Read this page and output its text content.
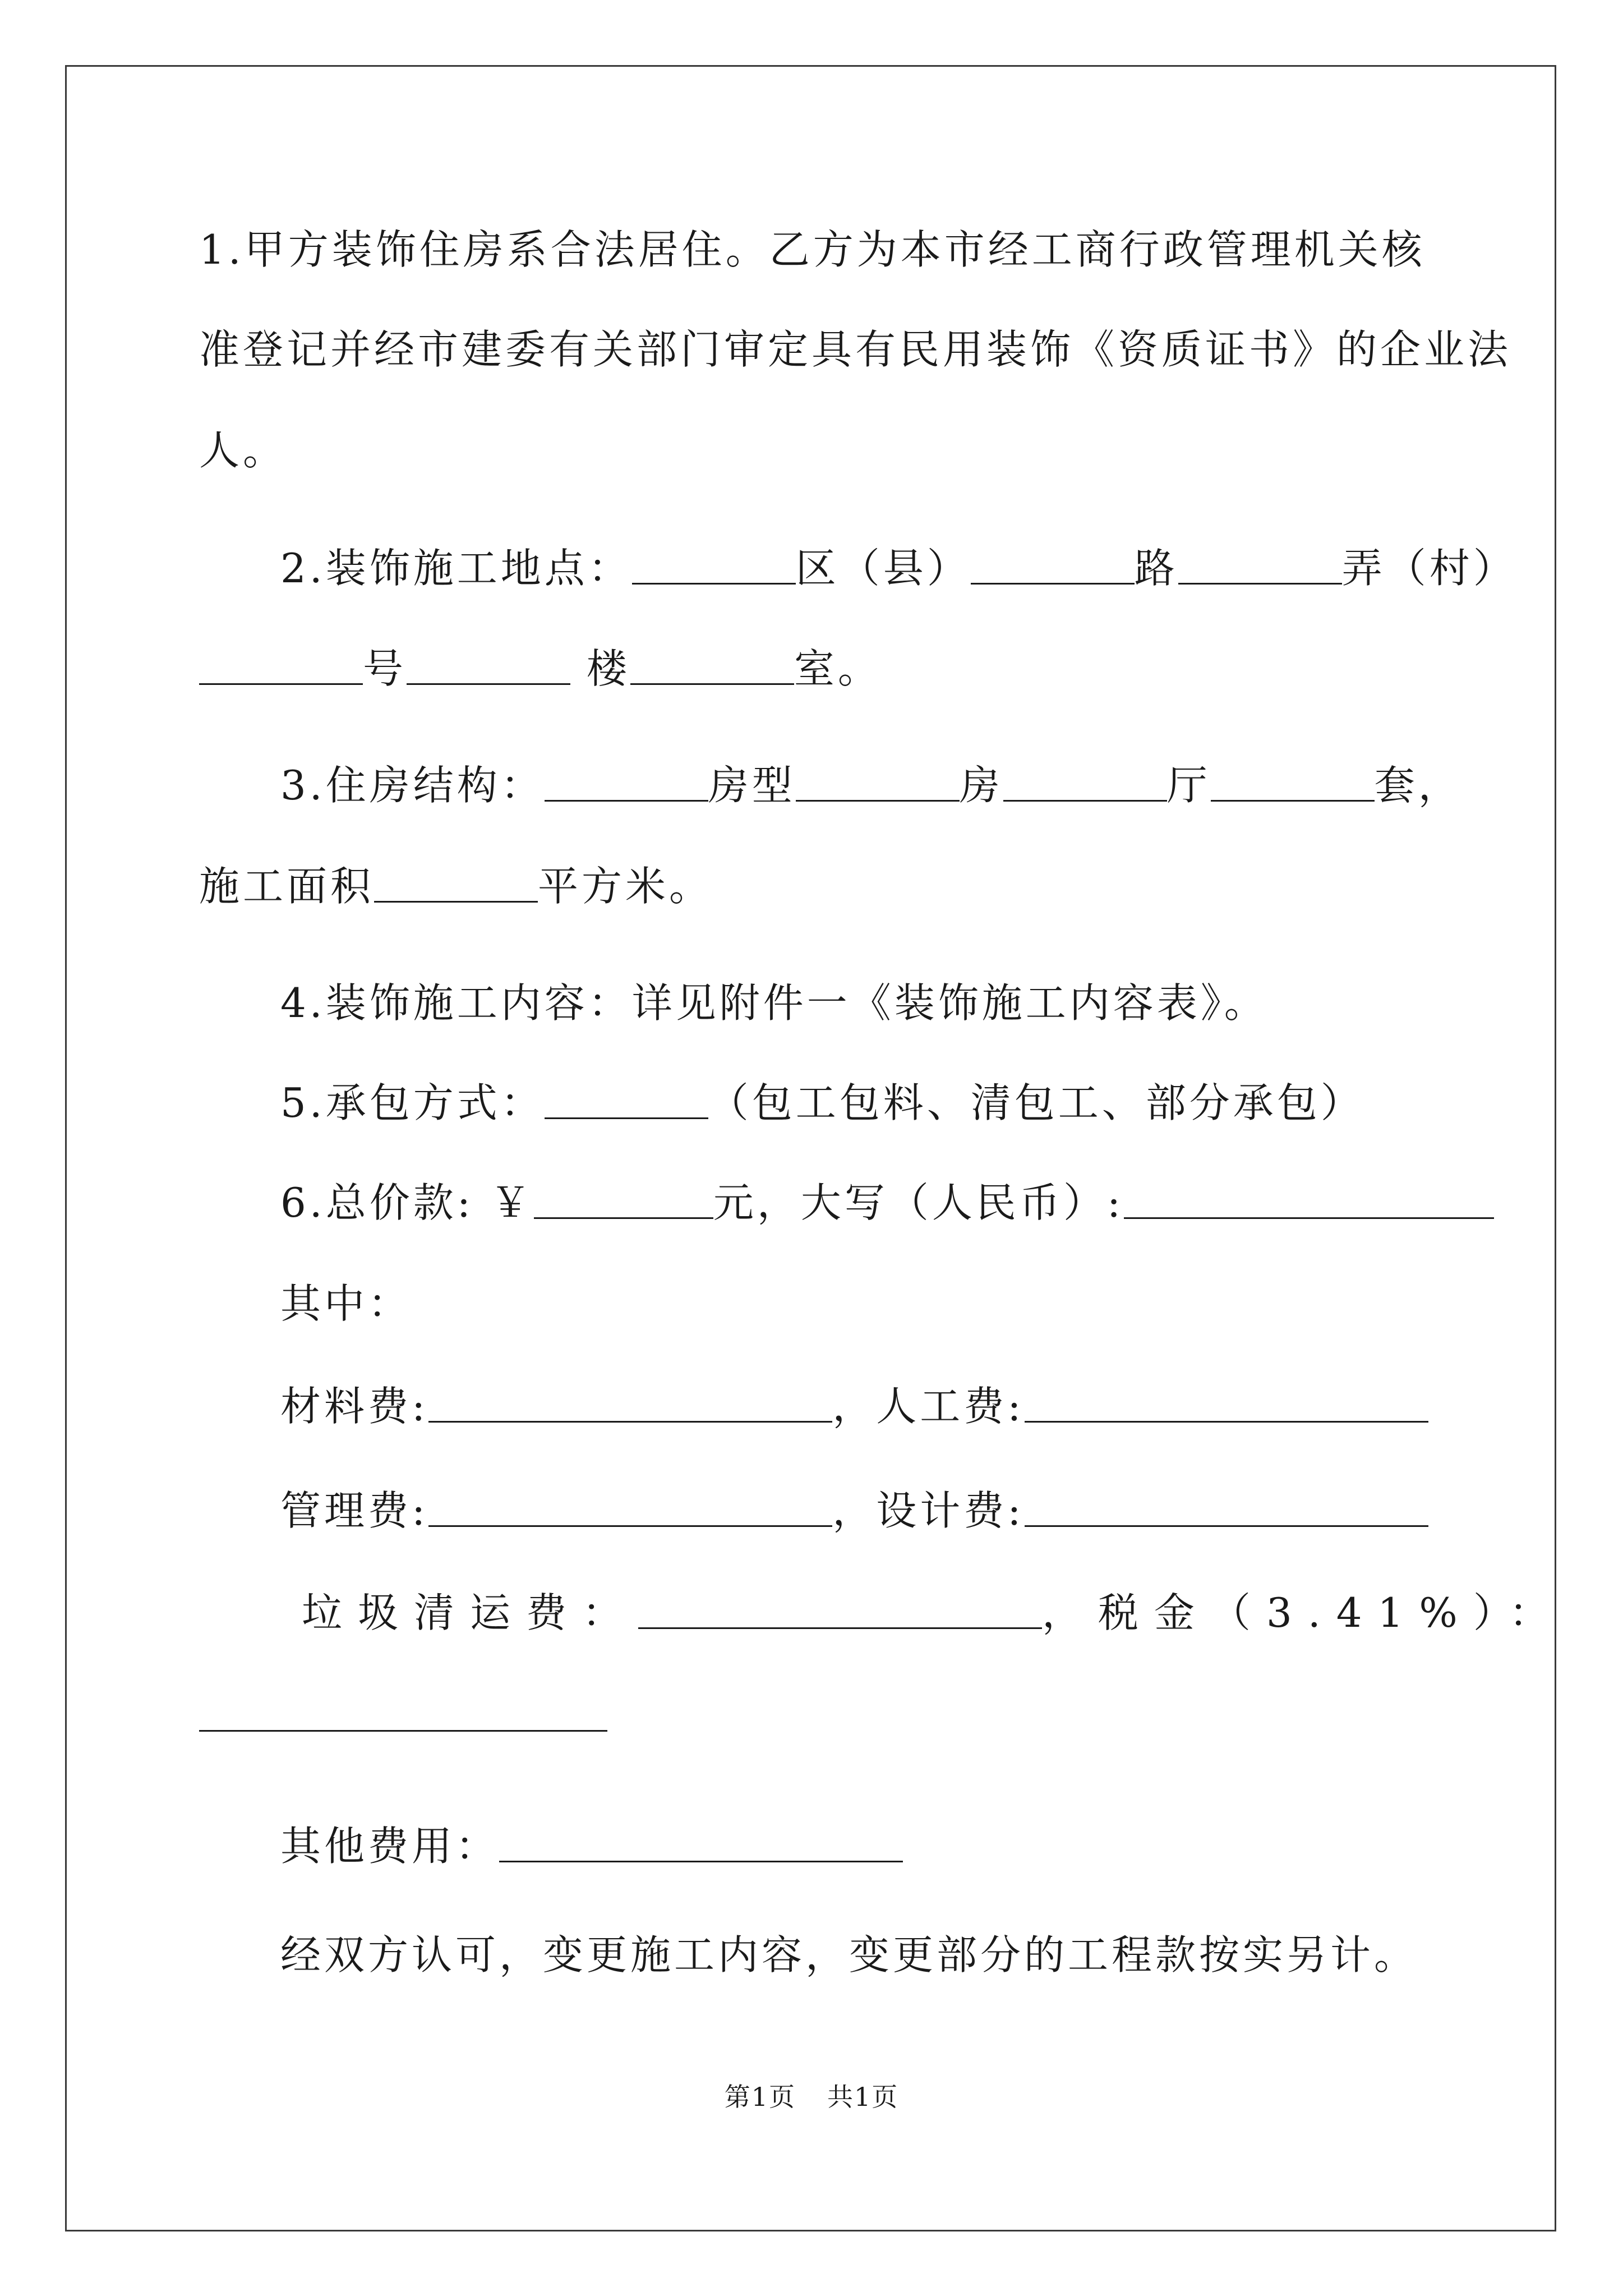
1.甲方装饰住房系合法居住。乙方为本市经工商行政管理机关核
准登记并经市建委有关部门审定具有民用装饰《资质证书》的企业法
人。
2.装饰施工地点：	区（县）	路	弄（村）
号	楼	室。
3.住房结构：	房型	房	厅	套，
施工面积	平方米。
4.装饰施工内容：详见附件一《装饰施工内容表》。
5.承包方式：	（包工包料、清包工、部分承包）
6.总价款: ￥	元，大写（人民币）:
其中：
材料费:	，人工费:
管理费:	，设计费:
垃圾清运费：	，税金（3.41%）：
其他费用：
经双方认可，变更施工内容，变更部分的工程款按实另计。
第1页 共1页
